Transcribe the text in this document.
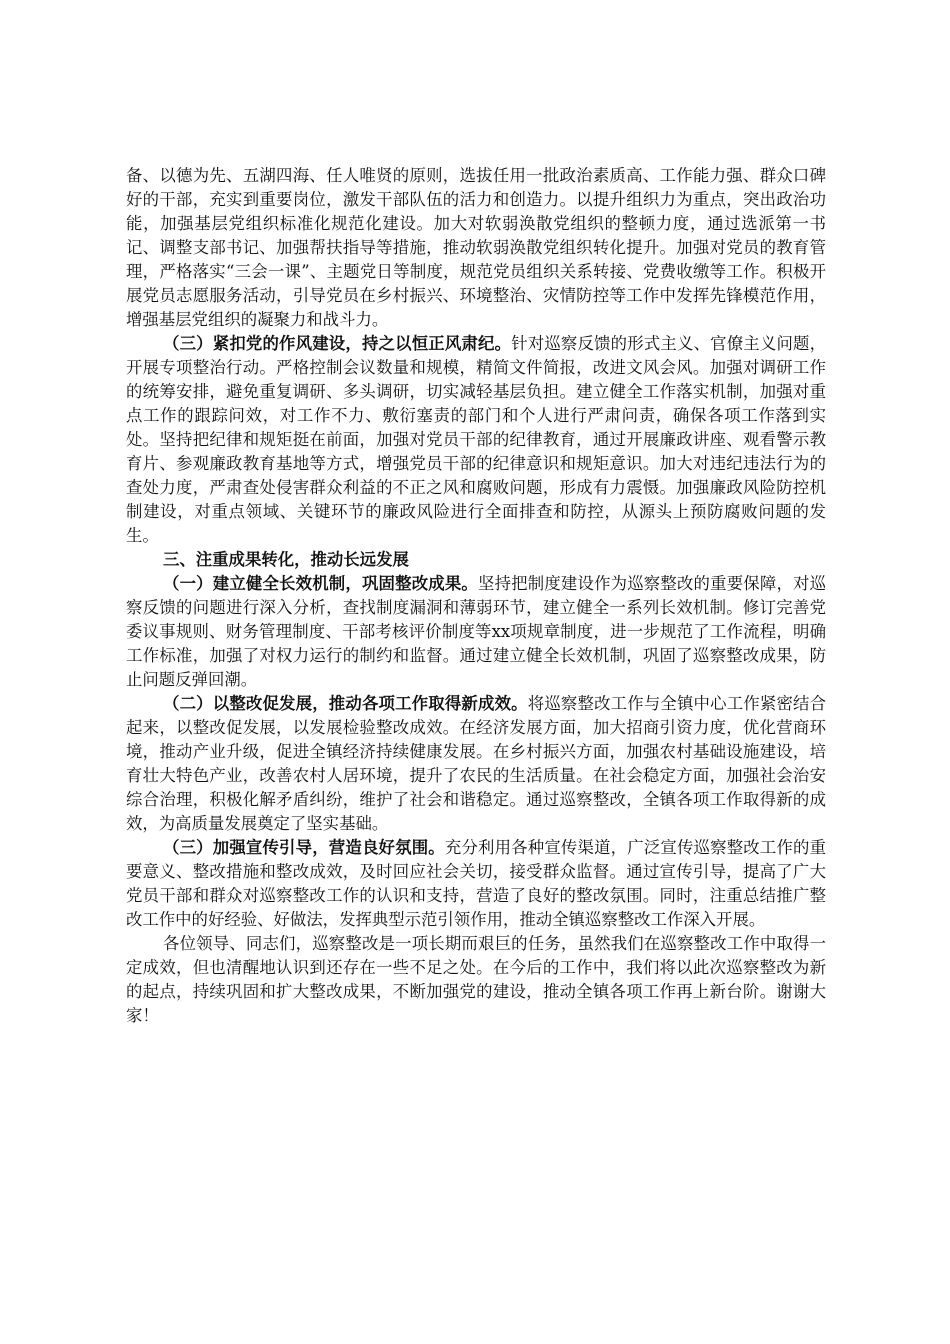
备、以德为先、五湖四海、任人唯贤的原则，选拔任用一批政治素质高、工作能力强、群众口碑好的干部，充实到重要岗位，激发干部队伍的活力和创造力。以提升组织力为重点，突出政治功能，加强基层党组织标准化规范化建设。加大对软弱涣散党组织的整顿力度，通过选派第一书记、调整支部书记、加强帮扶指导等措施，推动软弱涣散党组织转化提升。加强对党员的教育管理，严格落实“三会一课”、主题党日等制度，规范党员组织关系转接、党费收缴等工作。积极开展党员志愿服务活动，引导党员在乡村振兴、环境整治、灾情防控等工作中发挥先锋模范作用，增强基层党组织的凝聚力和战斗力。

（三）紧扣党的作风建设，持之以恒正风肃纪。针对巡察反馈的形式主义、官僚主义问题，开展专项整治行动。严格控制会议数量和规模，精简文件简报，改进文风会风。加强对调研工作的统筹安排，避免重复调研、多头调研，切实减轻基层负担。建立健全工作落实机制，加强对重点工作的跟踪问效，对工作不力、敷衍塞责的部门和个人进行严肃问责，确保各项工作落到实处。坚持把纪律和规矩挺在前面，加强对党员干部的纪律教育，通过开展廉政讲座、观看警示教育片、参观廉政教育基地等方式，增强党员干部的纪律意识和规矩意识。加大对违纪违法行为的查处力度，严肃查处侵害群众利益的不正之风和腐败问题，形成有力震慑。加强廉政风险防控机制建设，对重点领域、关键环节的廉政风险进行全面排查和防控，从源头上预防腐败问题的发生。

三、注重成果转化，推动长远发展

（一）建立健全长效机制，巩固整改成果。坚持把制度建设作为巡察整改的重要保障，对巡察反馈的问题进行深入分析，查找制度漏洞和薄弱环节，建立健全一系列长效机制。修订完善党委议事规则、财务管理制度、干部考核评价制度等xx项规章制度，进一步规范了工作流程，明确工作标准，加强了对权力运行的制约和监督。通过建立健全长效机制，巩固了巡察整改成果，防止问题反弹回潮。

（二）以整改促发展，推动各项工作取得新成效。将巡察整改工作与全镇中心工作紧密结合起来，以整改促发展，以发展检验整改成效。在经济发展方面，加大招商引资力度，优化营商环境，推动产业升级，促进全镇经济持续健康发展。在乡村振兴方面，加强农村基础设施建设，培育壮大特色产业，改善农村人居环境，提升了农民的生活质量。在社会稳定方面，加强社会治安综合治理，积极化解矛盾纠纷，维护了社会和谐稳定。通过巡察整改，全镇各项工作取得新的成效，为高质量发展奠定了坚实基础。

（三）加强宣传引导，营造良好氛围。充分利用各种宣传渠道，广泛宣传巡察整改工作的重要意义、整改措施和整改成效，及时回应社会关切，接受群众监督。通过宣传引导，提高了广大党员干部和群众对巡察整改工作的认识和支持，营造了良好的整改氛围。同时，注重总结推广整改工作中的好经验、好做法，发挥典型示范引领作用，推动全镇巡察整改工作深入开展。

各位领导、同志们，巡察整改是一项长期而艰巨的任务，虽然我们在巡察整改工作中取得一定成效，但也清醒地认识到还存在一些不足之处。在今后的工作中，我们将以此次巡察整改为新的起点，持续巩固和扩大整改成果，不断加强党的建设，推动全镇各项工作再上新台阶。谢谢大家！
